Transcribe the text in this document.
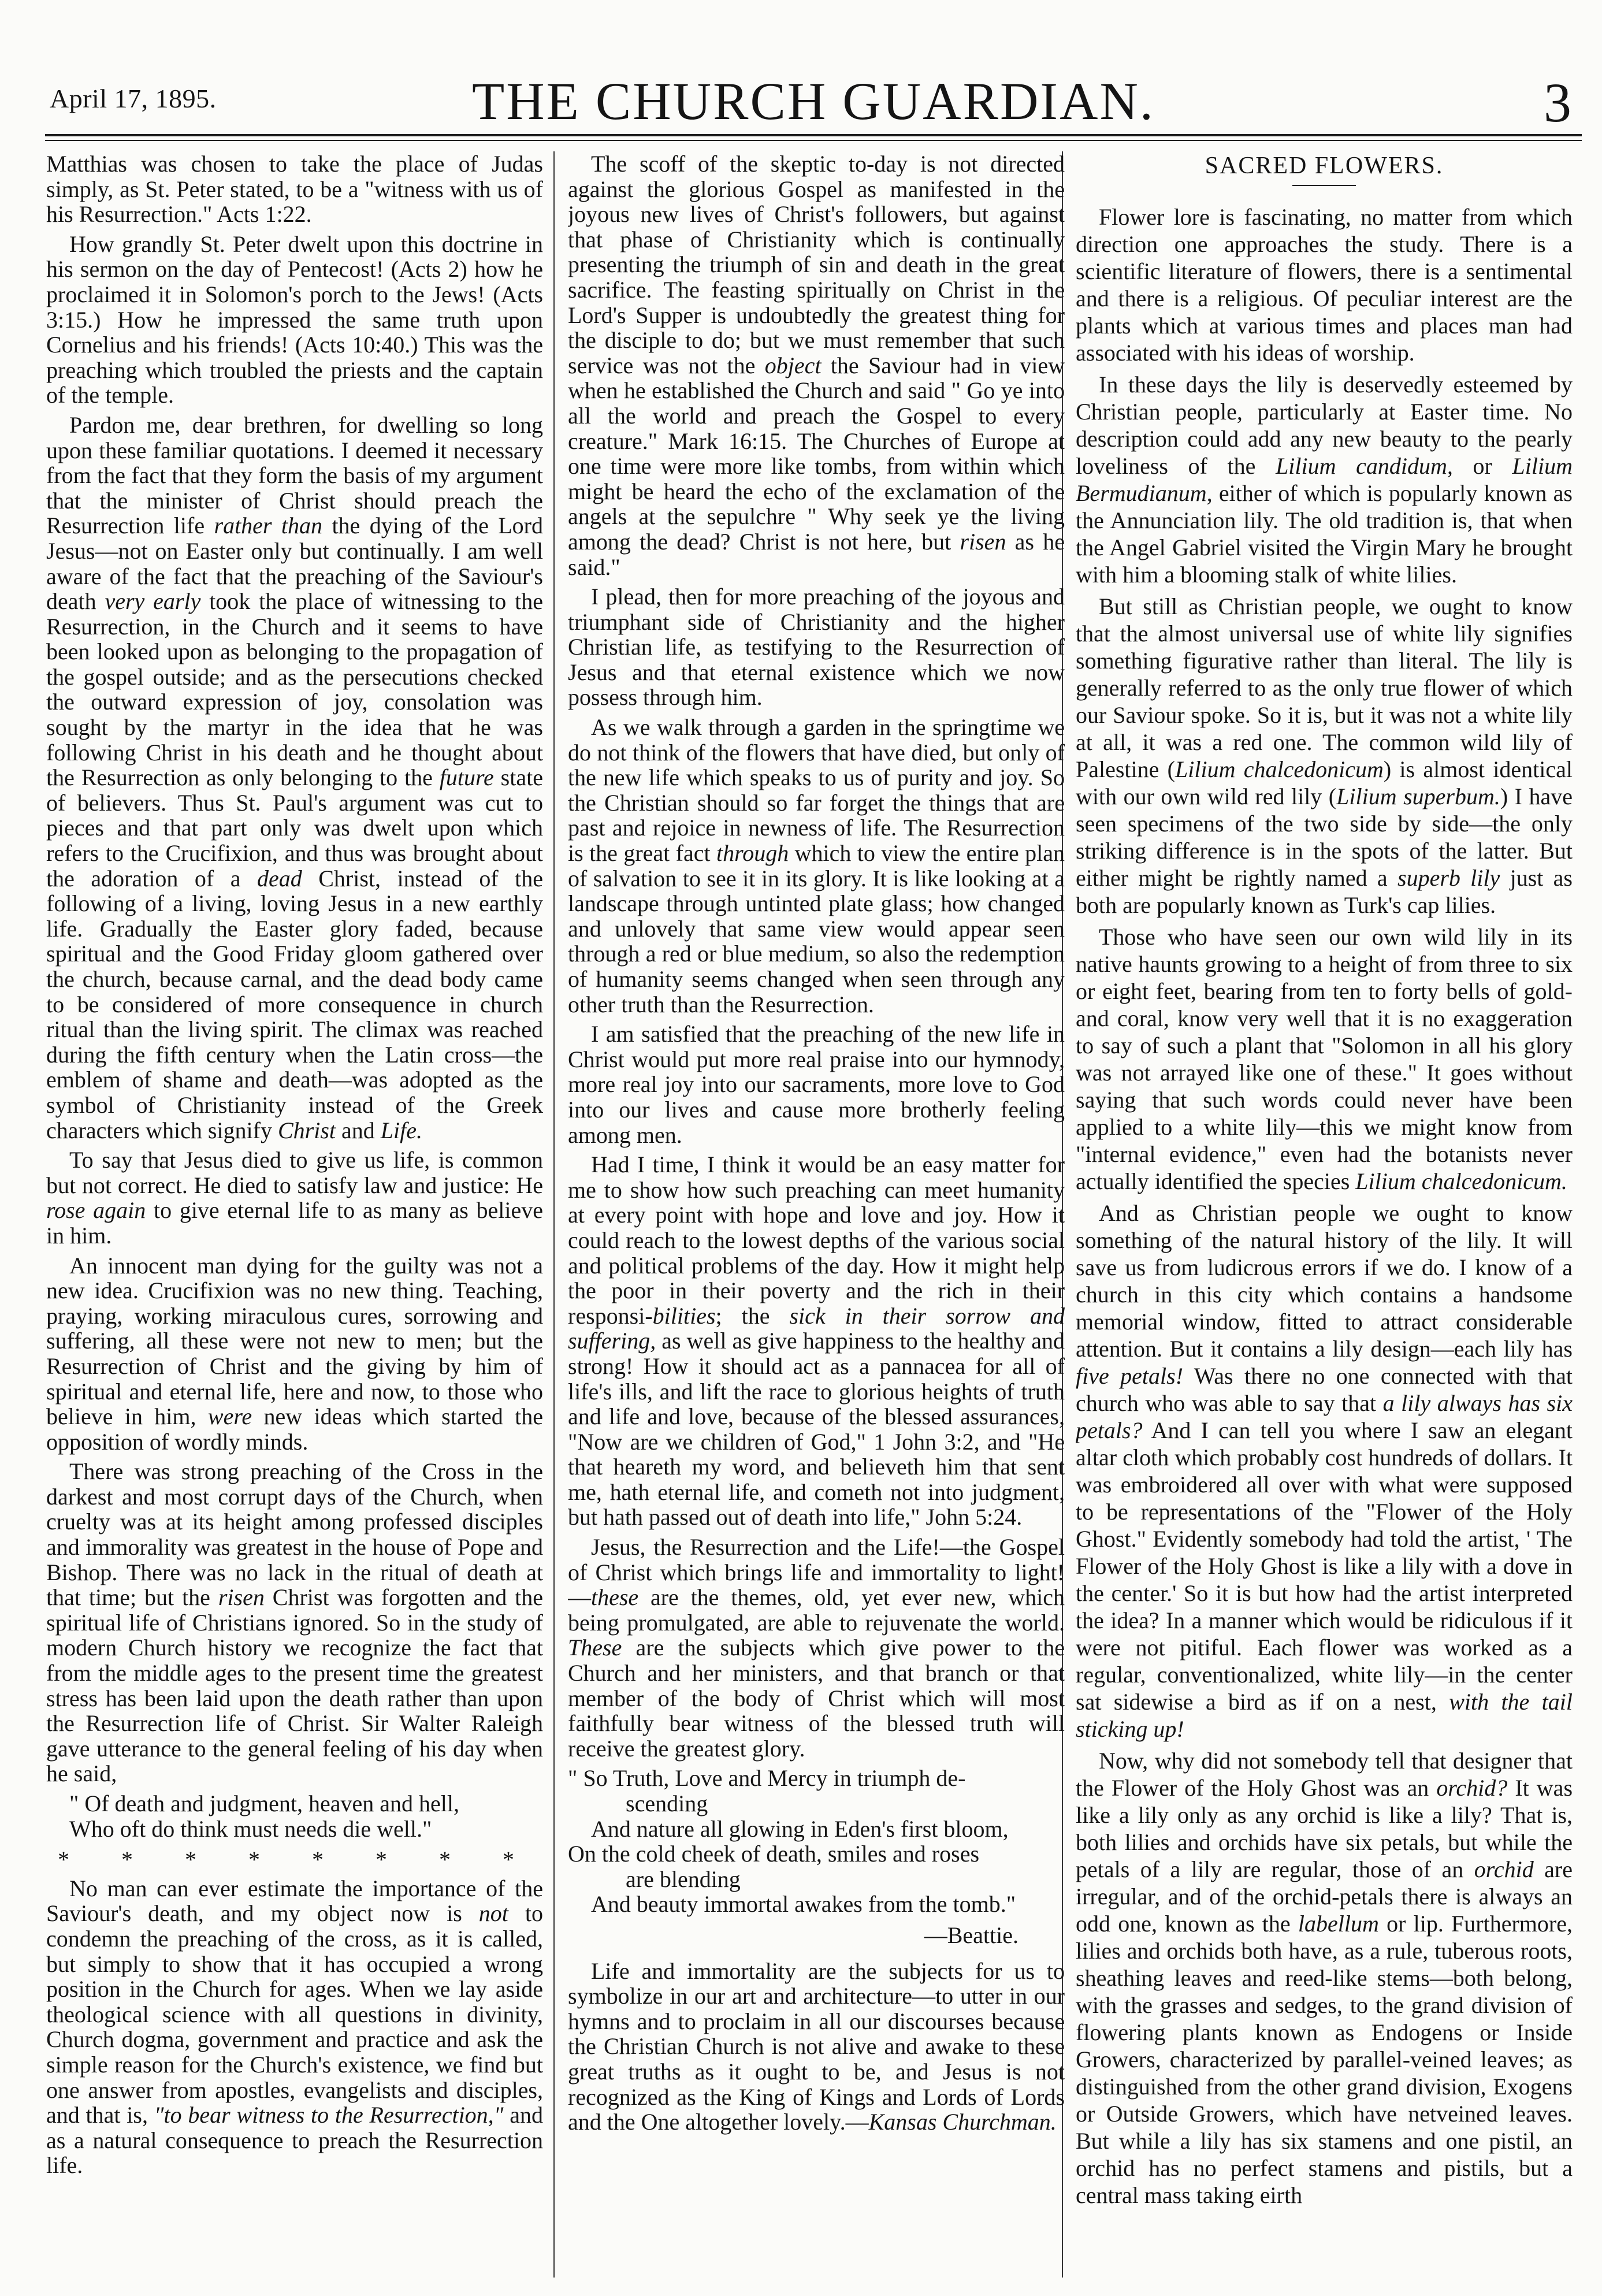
April 17, 1895.	THE CHURCH GUARDIAN.	3

Matthias was chosen to take the place of Judas simply, as St. Peter stated, to be a "witness with us of his Resurrection." Acts 1:22.

How grandly St. Peter dwelt upon this doctrine in his sermon on the day of Pentecost! (Acts 2) how he proclaimed it in Solomon's porch to the Jews! (Acts 3:15.) How he impressed the same truth upon Cornelius and his friends! (Acts 10:40.) This was the preaching which troubled the priests and the captain of the temple.

Pardon me, dear brethren, for dwelling so long upon these familiar quotations. I deemed it necessary from the fact that they form the basis of my argument that the minister of Christ should preach the Resurrection life rather than the dying of the Lord Jesus—not on Easter only but continually. I am well aware of the fact that the preaching of the Saviour's death very early took the place of witnessing to the Resurrection, in the Church and it seems to have been looked upon as belonging to the propagation of the gospel outside; and as the persecutions checked the outward expression of joy, consolation was sought by the martyr in the idea that he was following Christ in his death and he thought about the Resurrection as only belonging to the future state of believers. Thus St. Paul's argument was cut to pieces and that part only was dwelt upon which refers to the Crucifixion, and thus was brought about the adoration of a dead Christ, instead of the following of a living, loving Jesus in a new earthly life. Gradually the Easter glory faded, because spiritual and the Good Friday gloom gathered over the church, because carnal, and the dead body came to be considered of more consequence in church ritual than the living spirit. The climax was reached during the fifth century when the Latin cross—the emblem of shame and death—was adopted as the symbol of Christianity instead of the Greek characters which signify Christ and Life.

To say that Jesus died to give us life, is common but not correct. He died to satisfy law and justice: He rose again to give eternal life to as many as believe in him.

An innocent man dying for the guilty was not a new idea. Crucifixion was no new thing. Teaching, praying, working miraculous cures, sorrowing and suffering, all these were not new to men; but the Resurrection of Christ and the giving by him of spiritual and eternal life, here and now, to those who believe in him, were new ideas which started the opposition of wordly minds.

There was strong preaching of the Cross in the darkest and most corrupt days of the Church, when cruelty was at its height among professed disciples and immorality was greatest in the house of Pope and Bishop. There was no lack in the ritual of death at that time; but the risen Christ was forgotten and the spiritual life of Christians ignored. So in the study of modern Church history we recognize the fact that from the middle ages to the present time the greatest stress has been laid upon the death rather than upon the Resurrection life of Christ. Sir Walter Raleigh gave utterance to the general feeling of his day when he said,

" Of death and judgment, heaven and hell,
Who oft do think must needs die well."
* * * * * * * *

No man can ever estimate the importance of the Saviour's death, and my object now is not to condemn the preaching of the cross, as it is called, but simply to show that it has occupied a wrong position in the Church for ages. When we lay aside theological science with all questions in divinity, Church dogma, government and practice and ask the simple reason for the Church's existence, we find but one answer from apostles, evangelists and disciples, and that is, "to bear witness to the Resurrection," and as a natural consequence to preach the Resurrection life.

The scoff of the skeptic to-day is not directed against the glorious Gospel as manifested in the joyous new lives of Christ's followers, but against that phase of Christianity which is continually presenting the triumph of sin and death in the great sacrifice. The feasting spiritually on Christ in the Lord's Supper is undoubtedly the greatest thing for the disciple to do; but we must remember that such service was not the object the Saviour had in view when he established the Church and said " Go ye into all the world and preach the Gospel to every creature." Mark 16:15. The Churches of Europe at one time were more like tombs, from within which might be heard the echo of the exclamation of the angels at the sepulchre " Why seek ye the living among the dead? Christ is not here, but risen as he said."

I plead, then for more preaching of the joyous and triumphant side of Christianity and the higher Christian life, as testifying to the Resurrection of Jesus and that eternal existence which we now possess through him.

As we walk through a garden in the springtime we do not think of the flowers that have died, but only of the new life which speaks to us of purity and joy. So the Christian should so far forget the things that are past and rejoice in newness of life. The Resurrection is the great fact through which to view the entire plan of salvation to see it in its glory. It is like looking at a landscape through untinted plate glass; how changed and unlovely that same view would appear seen through a red or blue medium, so also the redemption of humanity seems changed when seen through any other truth than the Resurrection.

I am satisfied that the preaching of the new life in Christ would put more real praise into our hymnody, more real joy into our sacraments, more love to God into our lives and cause more brotherly feeling among men.

Had I time, I think it would be an easy matter for me to show how such preaching can meet humanity at every point with hope and love and joy. How it could reach to the lowest depths of the various social and political problems of the day. How it might help the poor in their poverty and the rich in their responsi-bilities; the sick in their sorrow and suffering, as well as give happiness to the healthy and strong! How it should act as a pannacea for all of life's ills, and lift the race to glorious heights of truth and life and love, because of the blessed assurances, "Now are we children of God," 1 John 3:2, and "He that heareth my word, and believeth him that sent me, hath eternal life, and cometh not into judgment, but hath passed out of death into life," John 5:24.

Jesus, the Resurrection and the Life!—the Gospel of Christ which brings life and immortality to light!—these are the themes, old, yet ever new, which being promulgated, are able to rejuvenate the world. These are the subjects which give power to the Church and her ministers, and that branch or that member of the body of Christ which will most faithfully bear witness of the blessed truth will receive the greatest glory.

" So Truth, Love and Mercy in triumph de-
scending
And nature all glowing in Eden's first bloom,
On the cold cheek of death, smiles and roses
are blending
And beauty immortal awakes from the tomb."
—Beattie.

Life and immortality are the subjects for us to symbolize in our art and architecture—to utter in our hymns and to proclaim in all our discourses because the Christian Church is not alive and awake to these great truths as it ought to be, and Jesus is not recognized as the King of Kings and Lords of Lords and the One altogether lovely.—Kansas Churchman.

SACRED FLOWERS.

Flower lore is fascinating, no matter from which direction one approaches the study. There is a scientific literature of flowers, there is a sentimental and there is a religious. Of peculiar interest are the plants which at various times and places man had associated with his ideas of worship.

In these days the lily is deservedly esteemed by Christian people, particularly at Easter time. No description could add any new beauty to the pearly loveliness of the Lilium candidum, or Lilium Bermudianum, either of which is popularly known as the Annunciation lily. The old tradition is, that when the Angel Gabriel visited the Virgin Mary he brought with him a blooming stalk of white lilies.

But still as Christian people, we ought to know that the almost universal use of white lily signifies something figurative rather than literal. The lily is generally referred to as the only true flower of which our Saviour spoke. So it is, but it was not a white lily at all, it was a red one. The common wild lily of Palestine (Lilium chalcedonicum) is almost identical with our own wild red lily (Lilium superbum.) I have seen specimens of the two side by side—the only striking difference is in the spots of the latter. But either might be rightly named a superb lily just as both are popularly known as Turk's cap lilies.

Those who have seen our own wild lily in its native haunts growing to a height of from three to six or eight feet, bearing from ten to forty bells of gold-and coral, know very well that it is no exaggeration to say of such a plant that "Solomon in all his glory was not arrayed like one of these." It goes without saying that such words could never have been applied to a white lily—this we might know from "internal evidence," even had the botanists never actually identified the species Lilium chalcedonicum.

And as Christian people we ought to know something of the natural history of the lily. It will save us from ludicrous errors if we do. I know of a church in this city which contains a handsome memorial window, fitted to attract considerable attention. But it contains a lily design—each lily has five petals! Was there no one connected with that church who was able to say that a lily always has six petals? And I can tell you where I saw an elegant altar cloth which probably cost hundreds of dollars. It was embroidered all over with what were supposed to be representations of the "Flower of the Holy Ghost." Evidently somebody had told the artist, ' The Flower of the Holy Ghost is like a lily with a dove in the center.' So it is but how had the artist interpreted the idea? In a manner which would be ridiculous if it were not pitiful. Each flower was worked as a regular, conventionalized, white lily—in the center sat sidewise a bird as if on a nest, with the tail sticking up!

Now, why did not somebody tell that designer that the Flower of the Holy Ghost was an orchid? It was like a lily only as any orchid is like a lily? That is, both lilies and orchids have six petals, but while the petals of a lily are regular, those of an orchid are irregular, and of the orchid-petals there is always an odd one, known as the labellum or lip. Furthermore, lilies and orchids both have, as a rule, tuberous roots, sheathing leaves and reed-like stems—both belong, with the grasses and sedges, to the grand division of flowering plants known as Endogens or Inside Growers, characterized by parallel-veined leaves; as distinguished from the other grand division, Exogens or Outside Growers, which have netveined leaves. But while a lily has six stamens and one pistil, an orchid has no perfect stamens and pistils, but a central mass taking eirth
